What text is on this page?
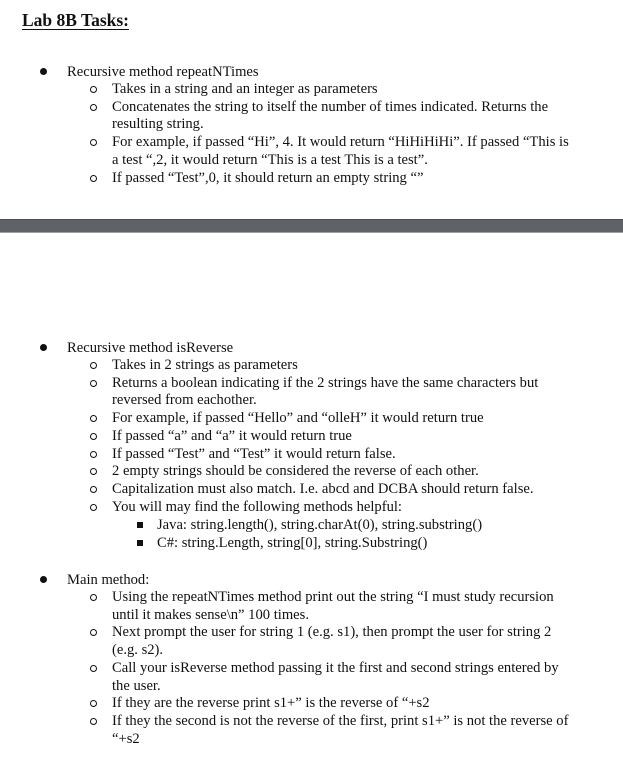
Lab 8B Tasks:
Recursive method repeatNTimes
Takes in a string and an integer as parameters
Concatenates the string to itself the number of times indicated. Returns the resulting string.
For example, if passed “Hi”, 4. It would return “HiHiHiHi”. If passed “This is a test “,2, it would return “This is a test This is a test”.
If passed “Test”,0, it should return an empty string “”
Recursive method isReverse
Takes in 2 strings as parameters
Returns a boolean indicating if the 2 strings have the same characters but reversed from eachother.
For example, if passed “Hello” and “olleH” it would return true
If passed “a” and “a” it would return true
If passed “Test” and “Test” it would return false.
2 empty strings should be considered the reverse of each other.
Capitalization must also match. I.e. abcd and DCBA should return false.
You will may find the following methods helpful:
Java: string.length(), string.charAt(0), string.substring()
C#: string.Length, string[0], string.Substring()
Main method:
Using the repeatNTimes method print out the string “I must study recursion until it makes sense\n” 100 times.
Next prompt the user for string 1 (e.g. s1), then prompt the user for string 2 (e.g. s2).
Call your isReverse method passing it the first and second strings entered by the user.
If they are the reverse print s1+” is the reverse of “+s2
If they the second is not the reverse of the first, print s1+” is not the reverse of “+s2
